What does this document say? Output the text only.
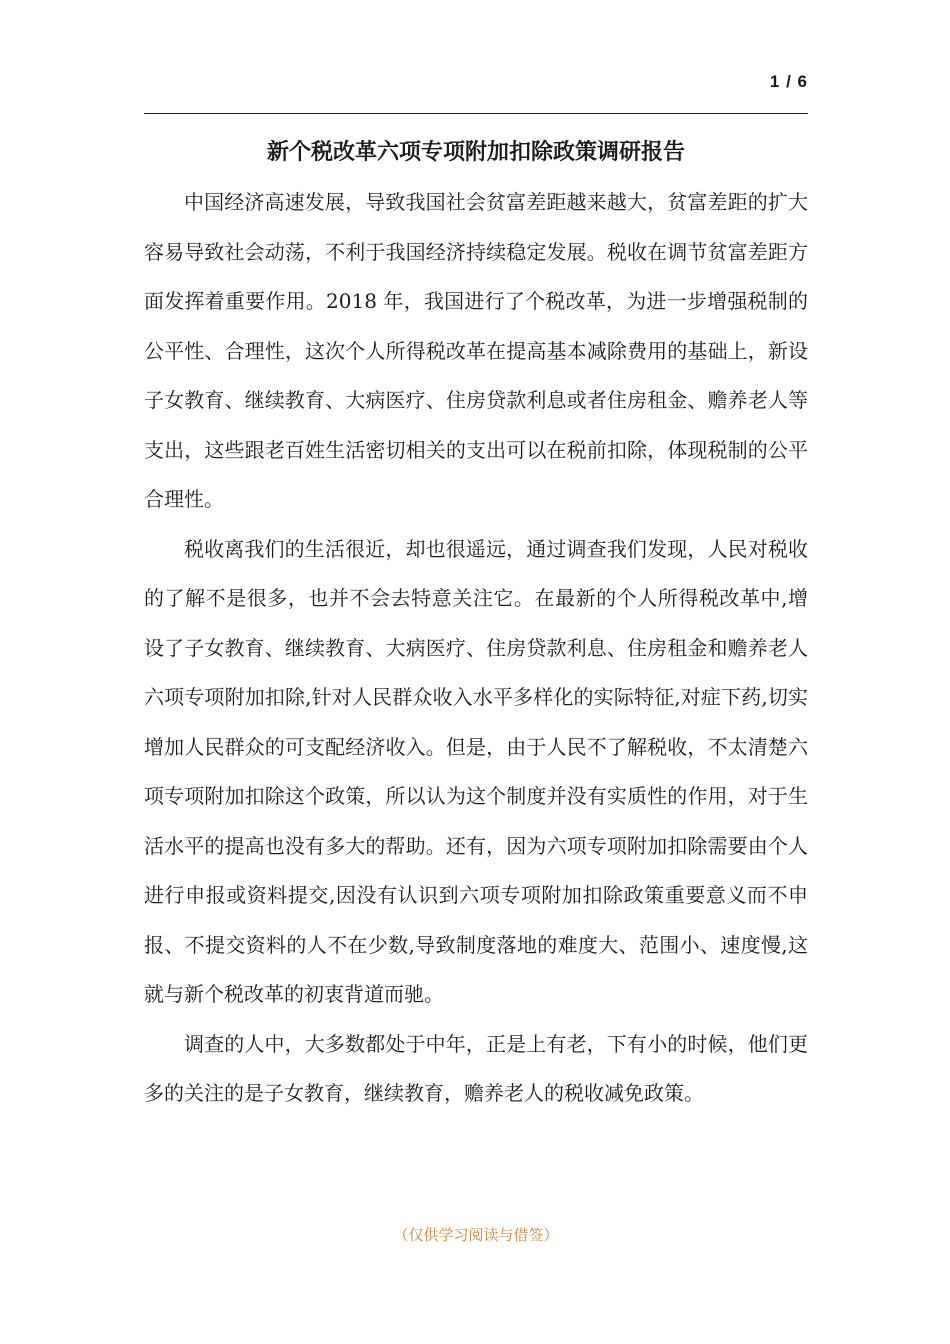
1 / 6
新个税改革六项专项附加扣除政策调研报告

中国经济高速发展，导致我国社会贫富差距越来越大，贫富差距的扩大容易导致社会动荡，不利于我国经济持续稳定发展。税收在调节贫富差距方面发挥着重要作用。2018 年，我国进行了个税改革，为进一步增强税制的公平性、合理性，这次个人所得税改革在提高基本减除费用的基础上，新设子女教育、继续教育、大病医疗、住房贷款利息或者住房租金、赡养老人等支出，这些跟老百姓生活密切相关的支出可以在税前扣除，体现税制的公平合理性。

税收离我们的生活很近，却也很遥远，通过调查我们发现，人民对税收的了解不是很多，也并不会去特意关注它。在最新的个人所得税改革中,增设了子女教育、继续教育、大病医疗、住房贷款利息、住房租金和赡养老人六项专项附加扣除,针对人民群众收入水平多样化的实际特征,对症下药,切实增加人民群众的可支配经济收入。但是，由于人民不了解税收，不太清楚六项专项附加扣除这个政策，所以认为这个制度并没有实质性的作用，对于生活水平的提高也没有多大的帮助。还有，因为六项专项附加扣除需要由个人进行申报或资料提交,因没有认识到六项专项附加扣除政策重要意义而不申报、不提交资料的人不在少数,导致制度落地的难度大、范围小、速度慢,这就与新个税改革的初衷背道而驰。

调查的人中，大多数都处于中年，正是上有老，下有小的时候，他们更多的关注的是子女教育，继续教育，赡养老人的税收减免政策。

（仅供学习阅读与借签）
